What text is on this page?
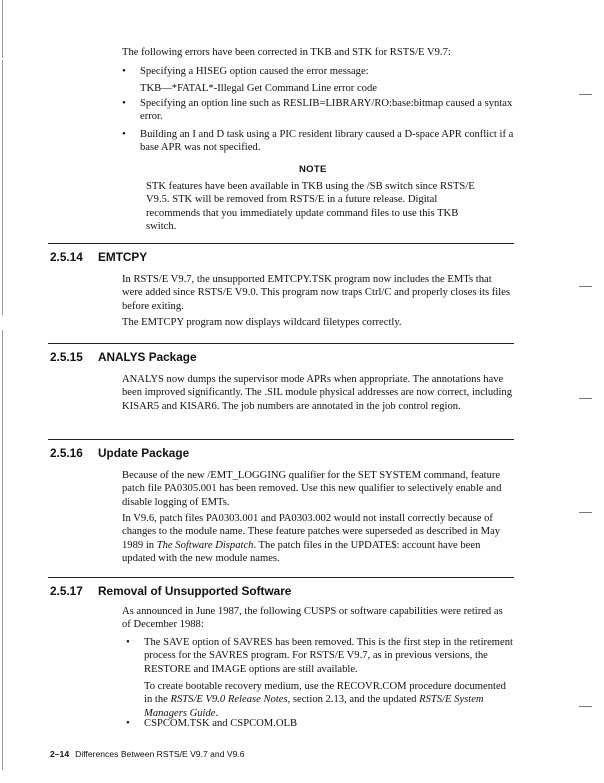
The following errors have been corrected in TKB and STK for RSTS/E V9.7:

• Specifying a HISEG option caused the error message:

TKB—*FATAL*-Illegal Get Command Line error code

• Specifying an option line such as RESLIB=LIBRARY/RO:base:bitmap caused a syntax error.

• Building an I and D task using a PIC resident library caused a D-space APR conflict if a base APR was not specified.

NOTE

STK features have been available in TKB using the /SB switch since RSTS/E V9.5. STK will be removed from RSTS/E in a future release. Digital recommends that you immediately update command files to use this TKB switch.

2.5.14 EMTCPY

In RSTS/E V9.7, the unsupported EMTCPY.TSK program now includes the EMTs that were added since RSTS/E V9.0. This program now traps Ctrl/C and properly closes its files before exiting.

The EMTCPY program now displays wildcard filetypes correctly.

2.5.15 ANALYS Package

ANALYS now dumps the supervisor mode APRs when appropriate. The annotations have been improved significantly. The .SIL module physical addresses are now correct, including KISAR5 and KISAR6. The job numbers are annotated in the job control region.

2.5.16 Update Package

Because of the new /EMT_LOGGING qualifier for the SET SYSTEM command, feature patch file PA0305.001 has been removed. Use this new qualifier to selectively enable and disable logging of EMTs.

In V9.6, patch files PA0303.001 and PA0303.002 would not install correctly because of changes to the module name. These feature patches were superseded as described in May 1989 in The Software Dispatch. The patch files in the UPDATE$: account have been updated with the new module names.

2.5.17 Removal of Unsupported Software

As announced in June 1987, the following CUSPS or software capabilities were retired as of December 1988:

• The SAVE option of SAVRES has been removed. This is the first step in the retirement process for the SAVRES program. For RSTS/E V9.7, as in previous versions, the RESTORE and IMAGE options are still available.

To create bootable recovery medium, use the RECOVR.COM procedure documented in the RSTS/E V9.0 Release Notes, section 2.13, and the updated RSTS/E System Managers Guide.

• CSPCOM.TSK and CSPCOM.OLB

2–14 Differences Between RSTS/E V9.7 and V9.6
